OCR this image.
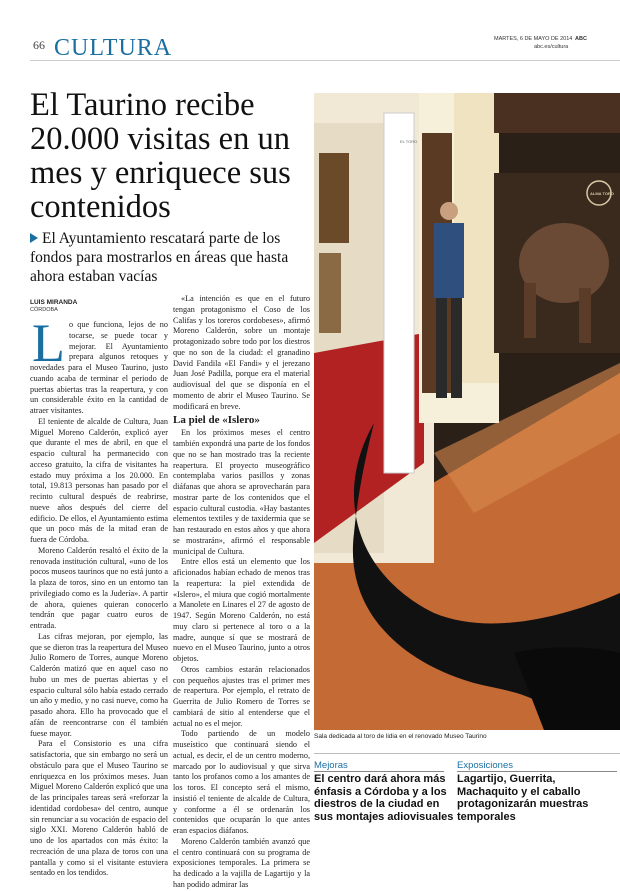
66 CULTURA	MARTES, 6 DE MAYO DE 2014 ABC
abc.es/cultura
El Taurino recibe 20.000 visitas en un mes y enriquece sus contenidos
El Ayuntamiento rescatará parte de los fondos para mostrarlos en áreas que hasta ahora estaban vacías
LUIS MIRANDA
CÓRDOBA
L o que funciona, lejos de no tocarse, se puede tocar y mejorar. El Ayuntamiento prepara algunos retoques y novedades para el Museo Taurino, justo cuando acaba de terminar el periodo de puertas abiertas tras la reapertura, y con un considerable éxito en la cantidad de atraer visitantes.

El teniente de alcalde de Cultura, Juan Miguel Moreno Calderón, explicó ayer que durante el mes de abril, en que el espacio cultural ha permanecido con acceso gratuito, la cifra de visitantes ha estado muy próxima a los 20.000. En total, 19.813 personas han pasado por el recinto cultural después de reabrirse, nueve años después del cierre del edificio. De ellos, el Ayuntamiento estima que un poco más de la mitad eran de fuera de Córdoba.

Moreno Calderón resaltó el éxito de la renovada institución cultural, «uno de los pocos museos taurinos que no está junto a la plaza de toros, sino en un entorno tan privilegiado como es la Judería». A partir de ahora, quienes quieran conocerlo tendrán que pagar cuatro euros de entrada.

Las cifras mejoran, por ejemplo, las que se dieron tras la reapertura del Museo Julio Romero de Torres, aunque Moreno Calderón matizó que en aquel caso no hubo un mes de puertas abiertas y el espacio cultural sólo había estado cerrado un año y medio, y no casi nueve, como ha pasado ahora. Ello ha provocado que el afán de reencontrarse con él también fuese mayor.

Para el Consistorio es una cifra satisfactoria, que sin embargo no será un obstáculo para que el Museo Taurino se enriquezca en los próximos meses. Juan Miguel Moreno Calderón explicó que una de las principales tareas será «reforzar la identidad cordobesa» del centro, aunque sin renunciar a su vocación de espacio del siglo XXI. Moreno Calderón habló de uno de los apartados con más éxito: la recreación de una plaza de toros con una pantalla y como si el visitante estuviera sentado en los tendidos.

«La intención es que en el futuro tengan protagonismo el Coso de los Califas y los toreros cordobeses», afirmó Moreno Calderón, sobre un montaje protagonizado sobre todo por los diestros que no son de la ciudad: el granadino David Fandila «El Fandi» y el jerezano Juan José Padilla, porque era el material audiovisual del que se disponía en el momento de abrir el Museo Taurino. Se modificará en breve.

La piel de «Islero»

En los próximos meses el centro también expondrá una parte de los fondos que no se han mostrado tras la reciente reapertura. El proyecto museográfico contemplaba varios pasillos y zonas diáfanas que ahora se aprovecharán para mostrar parte de los contenidos que el espacio cultural custodia. «Hay bastantes elementos textiles y de taxidermia que se han restaurado en estos años y que ahora se mostrarán», afirmó el responsable municipal de Cultura.

Entre ellos está un elemento que los aficionados habían echado de menos tras la reapertura: la piel extendida de «Islero», el miura que cogió mortalmente a Manolete en Linares el 27 de agosto de 1947. Según Moreno Calderón, no está muy claro si pertenece al toro o a la madre, aunque sí que se mostrará de nuevo en el Museo Taurino, junto a otros objetos.

Otros cambios estarán relacionados con pequeños ajustes tras el primer mes de reapertura. Por ejemplo, el retrato de Guerrita de Julio Romero de Torres se cambiará de sitio al entenderse que el actual no es el mejor.

Todo partiendo de un modelo museístico que continuará siendo el actual, es decir, el de un centro moderno, marcado por lo audiovisual y que sirva tanto los profanos como a los amantes de los toros. El concepto será el mismo, insistió el teniente de alcalde de Cultura, y conforme a él se ordenarán los contenidos que ocuparán lo que antes eran espacios diáfanos.

Moreno Calderón también avanzó que el centro continuará con su programa de exposiciones temporales. La primera se ha dedicado a la vajilla de Lagartijo y la han podido admirar las

ALMA TORO
EL TORO
Sala dedicada al toro de lidia en el renovado Museo Taurino
Mejoras
El centro dará ahora más énfasis a Córdoba y a los diestros de la ciudad en sus montajes adiovisuales
Exposiciones
Lagartijo, Guerrita, Machaquito y el caballo protagonizarán muestras temporales
